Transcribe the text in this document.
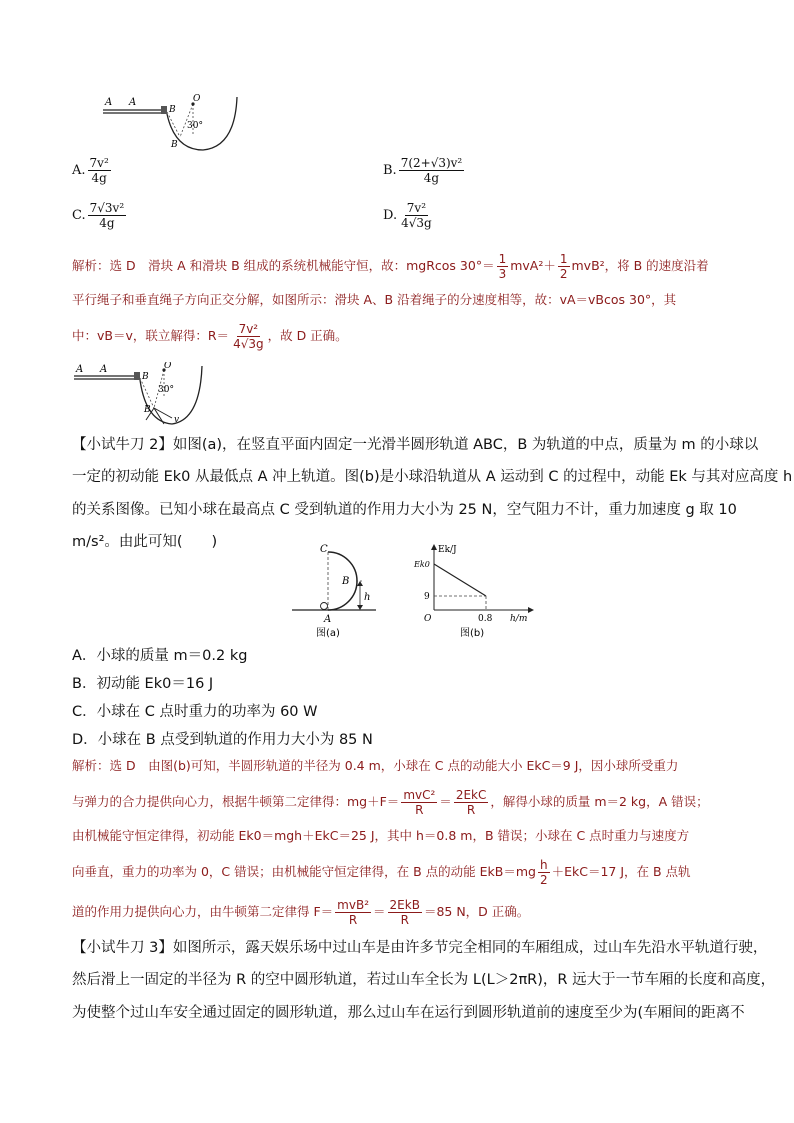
A A
B
O
30°
B
A. $\frac{\text{7v²}}{4g}$	B. $\frac{\text{7(2+√3)v²}}{4g}$
C. $\frac{\text{7√3v²}}{4g}$	D. $\frac{\text{7v²}}{4√3g}$
解析：选 D　滑块 A 和滑块 B 组成的系统机械能守恒，故：mgRcos $30^\circ= \frac{1}{3} mvA^2+ \frac{1}{2} mvB^2$，将 B 的速度沿着
平行绳子和垂直绳子方向正交分解，如图所示：滑块 A、B 沿着绳子的分速度相等，故：vA＝vBcos 30°，其
中：vB＝v，联立解得：$R= \frac{\text{7v²}}{4√3g}$ ，故 D 正确。
A A
B
O
30°
B
v
【小试牛刀 2】如图(a)，在竖直平面内固定一光滑半圆形轨道 ABC，B 为轨道的中点，质量为 m 的小球以
一定的初动能 Ek0 从最低点 A 冲上轨道。图(b)是小球沿轨道从 A 运动到 C 的过程中，动能 Ek 与其对应高度 h
的关系图像。已知小球在最高点 C 受到轨道的作用力大小为 25 N，空气阻力不计，重力加速度 g 取 10
m/s²。由此可知(　　)	C
B
h
A
图(a)
Ek/J
Ek0
9
O	0.8 h/m
图(b)
A．小球的质量 m＝0.2 kg
B．初动能 Ek0＝16 J
C．小球在 C 点时重力的功率为 60 W
D．小球在 B 点受到轨道的作用力大小为 85 N
解析：选 D　由图(b)可知，半圆形轨道的半径为 0.4 m，小球在 C 点的动能大小 EkC＝9 J，因小球所受重力
与弹力的合力提供向心力，根据牛顿第二定律得：$mg+F= \frac{\text{mvC²}}{R} = \frac{\text{2EkC}}{R}$ ，解得小球的质量 m＝2 kg，A 错误；
由机械能守恒定律得，初动能 Ek0＝mgh＋EkC＝25 J，其中 h＝0.8 m，B 错误；小球在 C 点时重力与速度方
向垂直，重力的功率为 0，C 错误；由机械能守恒定律得，在 B 点的动能 $EkB=mg \frac{h}{2} +EkC=17$ J，在 B 点轨
道的作用力提供向心力，由牛顿第二定律得 $F= \frac{\text{mvB²}}{R} = \frac{\text{2EkB}}{R} =85$ N，D 正确。
【小试牛刀 3】如图所示，露天娱乐场中过山车是由许多节完全相同的车厢组成，过山车先沿水平轨道行驶，
然后滑上一固定的半径为 R 的空中圆形轨道，若过山车全长为 L(L＞2πR)，R 远大于一节车厢的长度和高度，
为使整个过山车安全通过固定的圆形轨道，那么过山车在运行到圆形轨道前的速度至少为(车厢间的距离不
